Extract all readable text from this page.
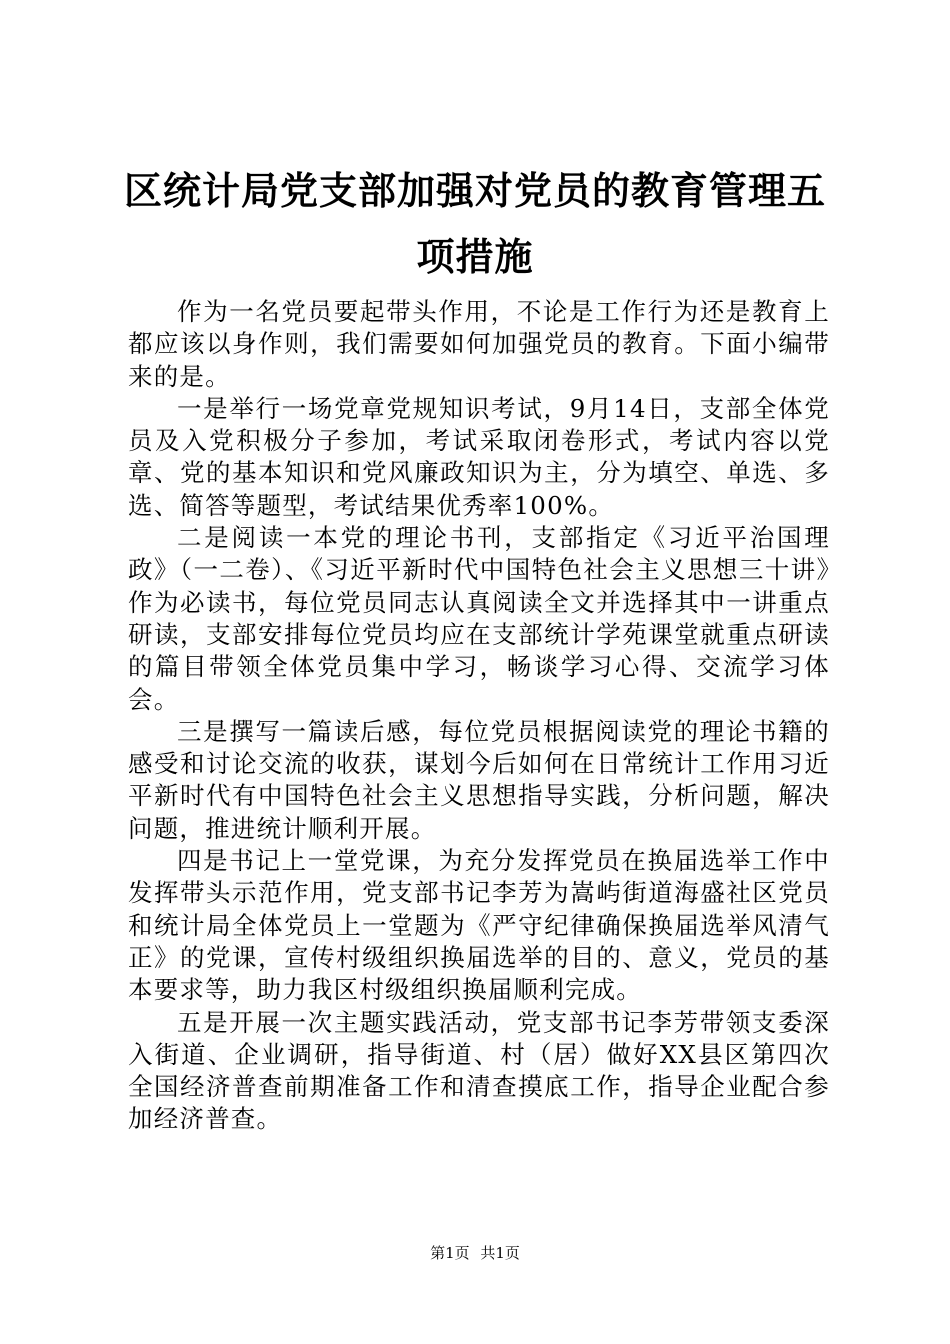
区统计局党支部加强对党员的教育管理五项措施

作为一名党员要起带头作用，不论是工作行为还是教育上都应该以身作则，我们需要如何加强党员的教育。下面小编带来的是。

一是举行一场党章党规知识考试，9月14日，支部全体党员及入党积极分子参加，考试采取闭卷形式，考试内容以党章、党的基本知识和党风廉政知识为主，分为填空、单选、多选、简答等题型，考试结果优秀率100%。

二是阅读一本党的理论书刊，支部指定《习近平治国理政》（一二卷）、《习近平新时代中国特色社会主义思想三十讲》作为必读书，每位党员同志认真阅读全文并选择其中一讲重点研读，支部安排每位党员均应在支部统计学苑课堂就重点研读的篇目带领全体党员集中学习，畅谈学习心得、交流学习体会。

三是撰写一篇读后感，每位党员根据阅读党的理论书籍的感受和讨论交流的收获，谋划今后如何在日常统计工作用习近平新时代有中国特色社会主义思想指导实践，分析问题，解决问题，推进统计顺利开展。

四是书记上一堂党课，为充分发挥党员在换届选举工作中发挥带头示范作用，党支部书记李芳为嵩屿街道海盛社区党员和统计局全体党员上一堂题为《严守纪律确保换届选举风清气正》的党课，宣传村级组织换届选举的目的、意义，党员的基本要求等，助力我区村级组织换届顺利完成。

五是开展一次主题实践活动，党支部书记李芳带领支委深入街道、企业调研，指导街道、村（居）做好XX县区第四次全国经济普查前期准备工作和清查摸底工作，指导企业配合参加经济普查。

第1页 共1页
